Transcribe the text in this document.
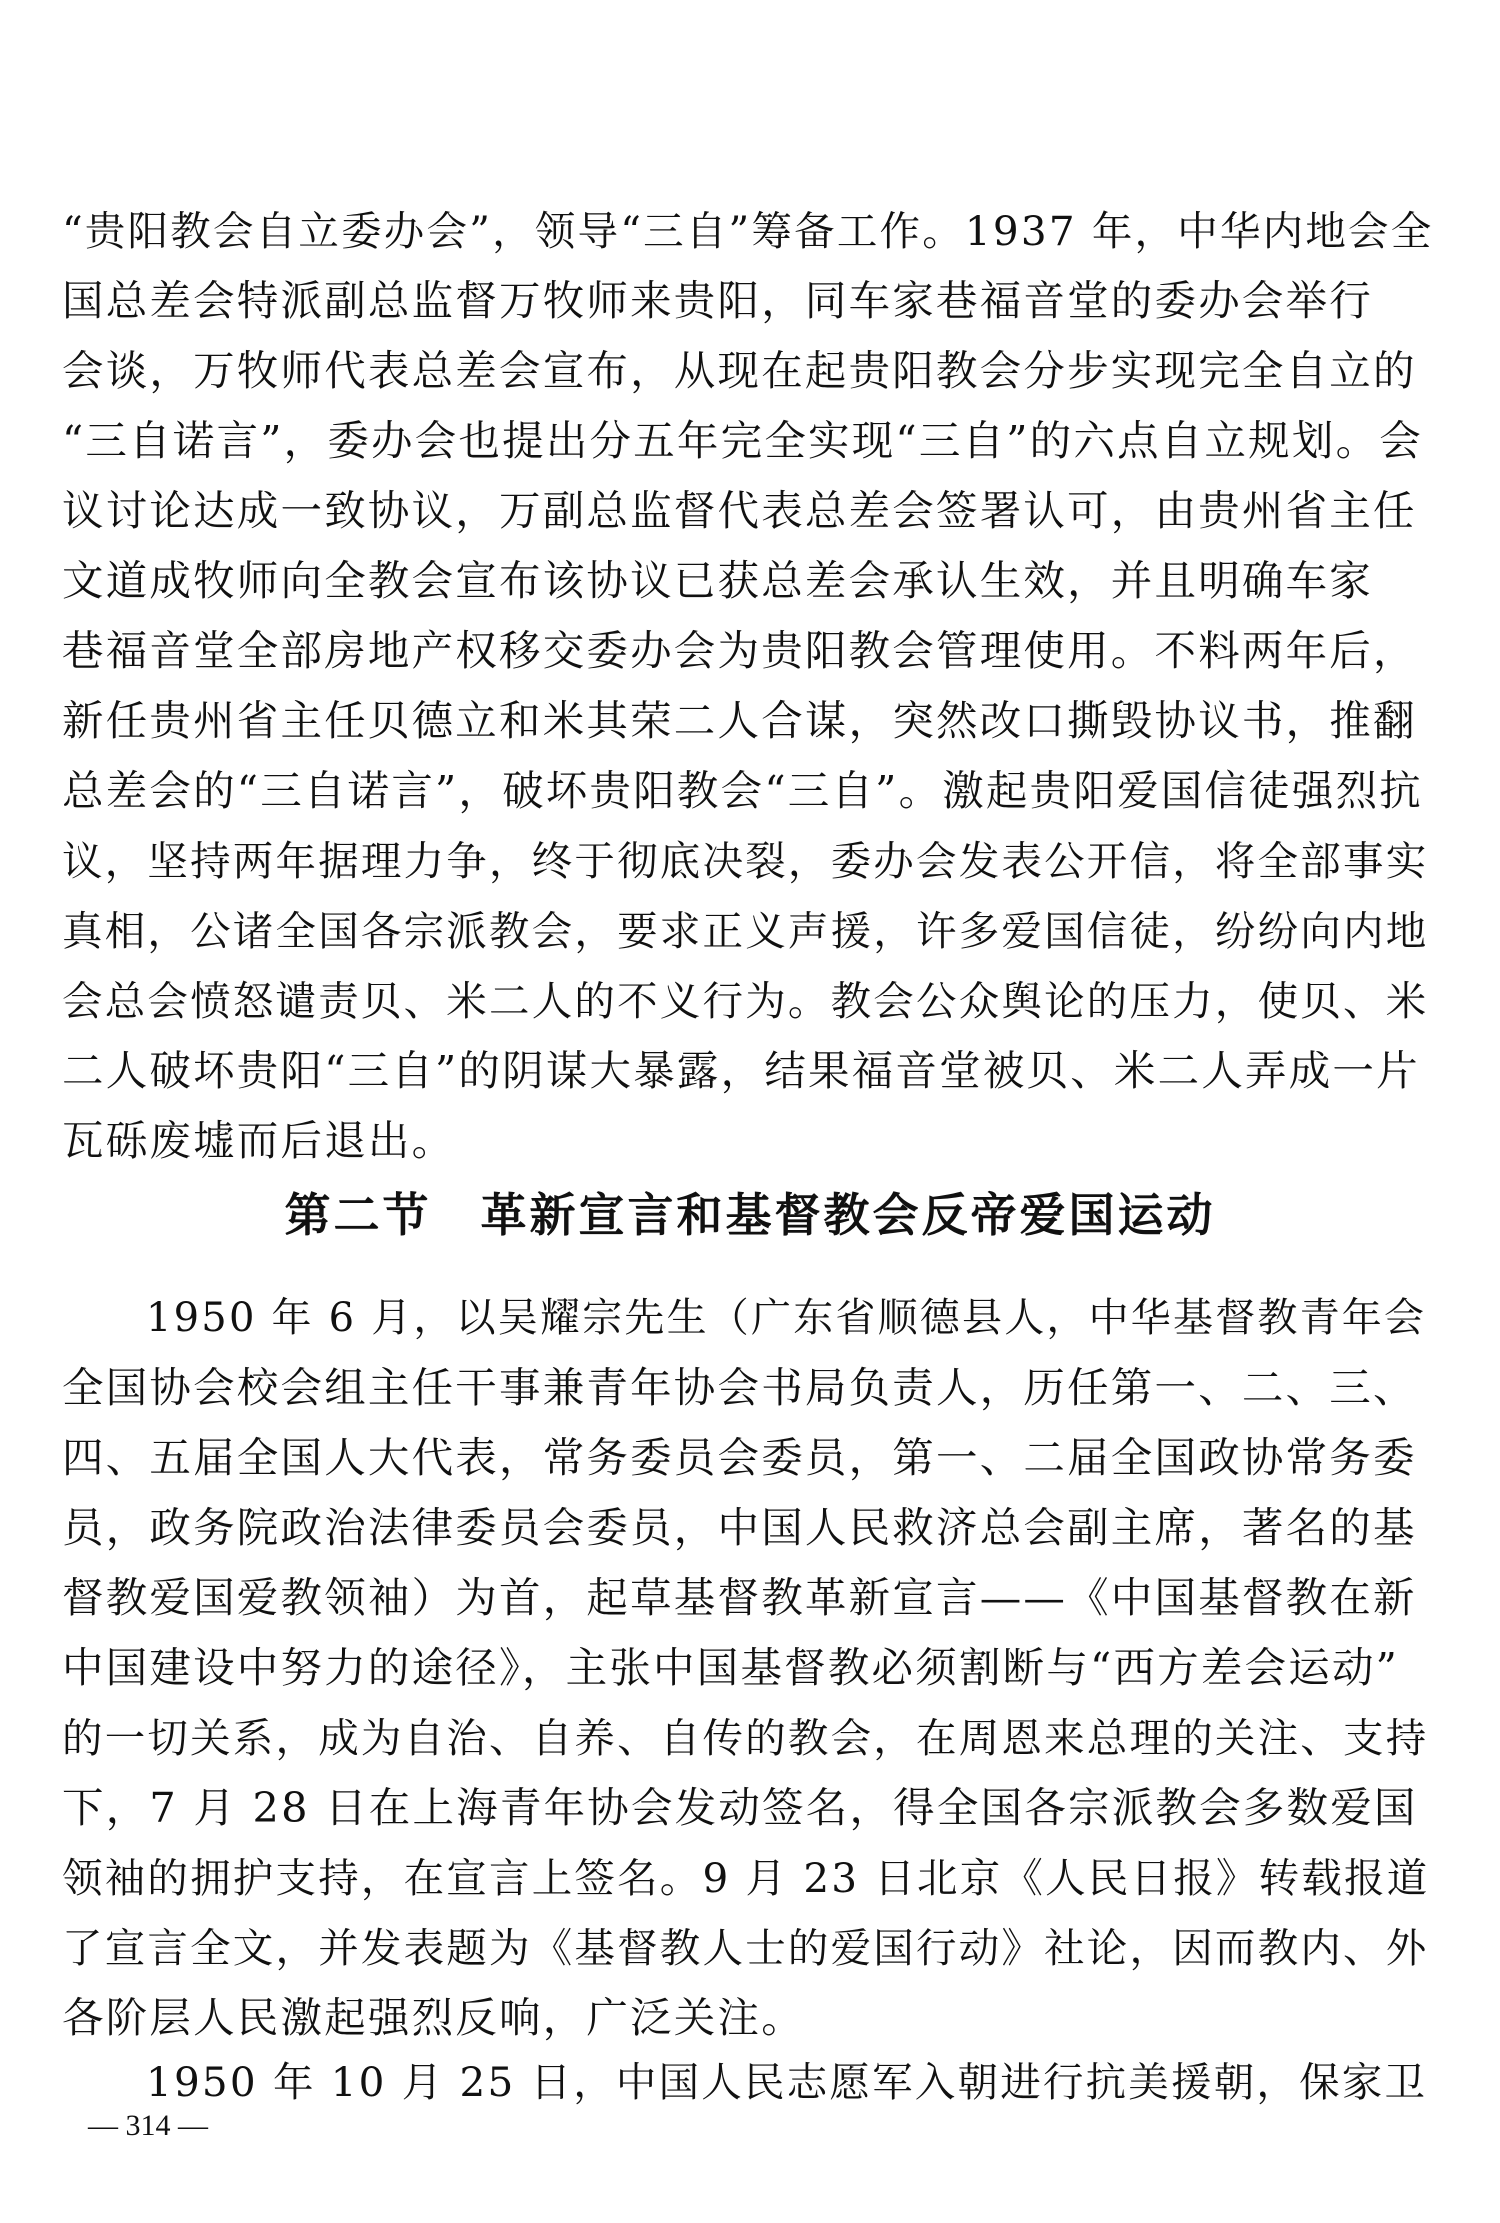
“贵阳教会自立委办会”，领导“三自”筹备工作。1937 年，中华内地会全
国总差会特派副总监督万牧师来贵阳，同车家巷福音堂的委办会举行
会谈，万牧师代表总差会宣布，从现在起贵阳教会分步实现完全自立的
“三自诺言”，委办会也提出分五年完全实现“三自”的六点自立规划。会
议讨论达成一致协议，万副总监督代表总差会签署认可，由贵州省主任
文道成牧师向全教会宣布该协议已获总差会承认生效，并且明确车家
巷福音堂全部房地产权移交委办会为贵阳教会管理使用。不料两年后，
新任贵州省主任贝德立和米其荣二人合谋，突然改口撕毁协议书，推翻
总差会的“三自诺言”，破坏贵阳教会“三自”。激起贵阳爱国信徒强烈抗
议，坚持两年据理力争，终于彻底决裂，委办会发表公开信，将全部事实
真相，公诸全国各宗派教会，要求正义声援，许多爱国信徒，纷纷向内地
会总会愤怒谴责贝、米二人的不义行为。教会公众舆论的压力，使贝、米
二人破坏贵阳“三自”的阴谋大暴露，结果福音堂被贝、米二人弄成一片
瓦砾废墟而后退出。
第二节　革新宣言和基督教会反帝爱国运动
1950 年 6 月，以吴耀宗先生（广东省顺德县人，中华基督教青年会
全国协会校会组主任干事兼青年协会书局负责人，历任第一、二、三、
四、五届全国人大代表，常务委员会委员，第一、二届全国政协常务委
员，政务院政治法律委员会委员，中国人民救济总会副主席，著名的基
督教爱国爱教领袖）为首，起草基督教革新宣言——《中国基督教在新
中国建设中努力的途径》，主张中国基督教必须割断与“西方差会运动”
的一切关系，成为自治、自养、自传的教会，在周恩来总理的关注、支持
下，7 月 28 日在上海青年协会发动签名，得全国各宗派教会多数爱国
领袖的拥护支持，在宣言上签名。9 月 23 日北京《人民日报》转载报道
了宣言全文，并发表题为《基督教人士的爱国行动》社论，因而教内、外
各阶层人民激起强烈反响，广泛关注。
1950 年 10 月 25 日，中国人民志愿军入朝进行抗美援朝，保家卫
— 314 —
